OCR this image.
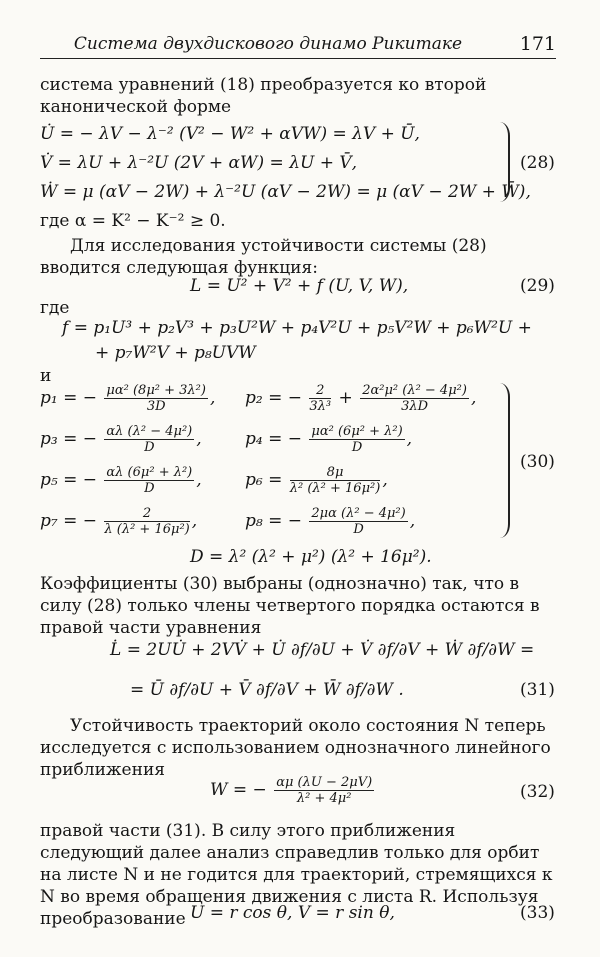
Система двухдискового динамо Рикитаке	171
система уравнений (18) преобразуется ко второй канонической форме
U̇ = − λV − λ⁻² (V² − W² + αVW) = λV + Ū,
V̇ = λU + λ⁻²U (2V + αW) = λU + V̄,
Ẇ = μ (αV − 2W) + λ⁻²U (αV − 2W) = μ (αV − 2W + W̄),
(28)
где α = K² − K⁻² ≥ 0.
Для исследования устойчивости системы (28) вводится следующая функция:
L = U² + V² + f (U, V, W),	(29)
где
f = p₁U³ + p₂V³ + p₃U²W + p₄V²U + p₅V²W + p₆W²U +
+ p₇W²V + p₈UVW
и
p₁ = − $\frac{\text{μα² (8μ² + 3λ²)}}{3D}$ , p₂ = − $\frac{2}{\text{3λ³}} + \frac{\text{2α²μ² (λ² − 4μ²)}}{3\lambda D}$ ,
p₃ = − $\frac{\text{αλ (λ² − 4μ²)}}{D}$ ,	p₄ = − $\frac{\text{μα² (6μ² + λ²)}}{D}$ ,
p₅ = − $\frac{\text{αλ (6μ² + λ²)}}{D}$ ,	$p_6 = \frac{8\mu}{\text{λ² (λ² + 16μ²)}}$ ,
p₇ = − $\frac{2}{\text{λ (λ² + 16μ²)}}$ ,	p₈ = − $\frac{\text{2μα (λ² − 4μ²)}}{D}$ ,
(30)
D = λ² (λ² + μ²) (λ² + 16μ²).
Коэффициенты (30) выбраны (однозначно) так, что в силу (28) только члены четвертого порядка остаются в правой части уравнения
L̇ = 2UU̇ + 2VV̇ + U̇ ∂f/∂U + V̇ ∂f/∂V + Ẇ ∂f/∂W =
= Ū ∂f/∂U + V̄ ∂f/∂V + W̄ ∂f/∂W .	(31)
Устойчивость траекторий около состояния N теперь исследуется с использованием однозначного линейного приближения
W = − $\frac{\alpha\mu (\lambda U - 2\mu V)}{\text{λ² + 4μ²}}$	(32)
правой части (31). В силу этого приближения следующий далее анализ справедлив только для орбит на листе N и не годится для траекторий, стремящихся к N во время обращения движения с листа R. Используя преобразование U = r cos θ, V = r sin θ,	(33)
